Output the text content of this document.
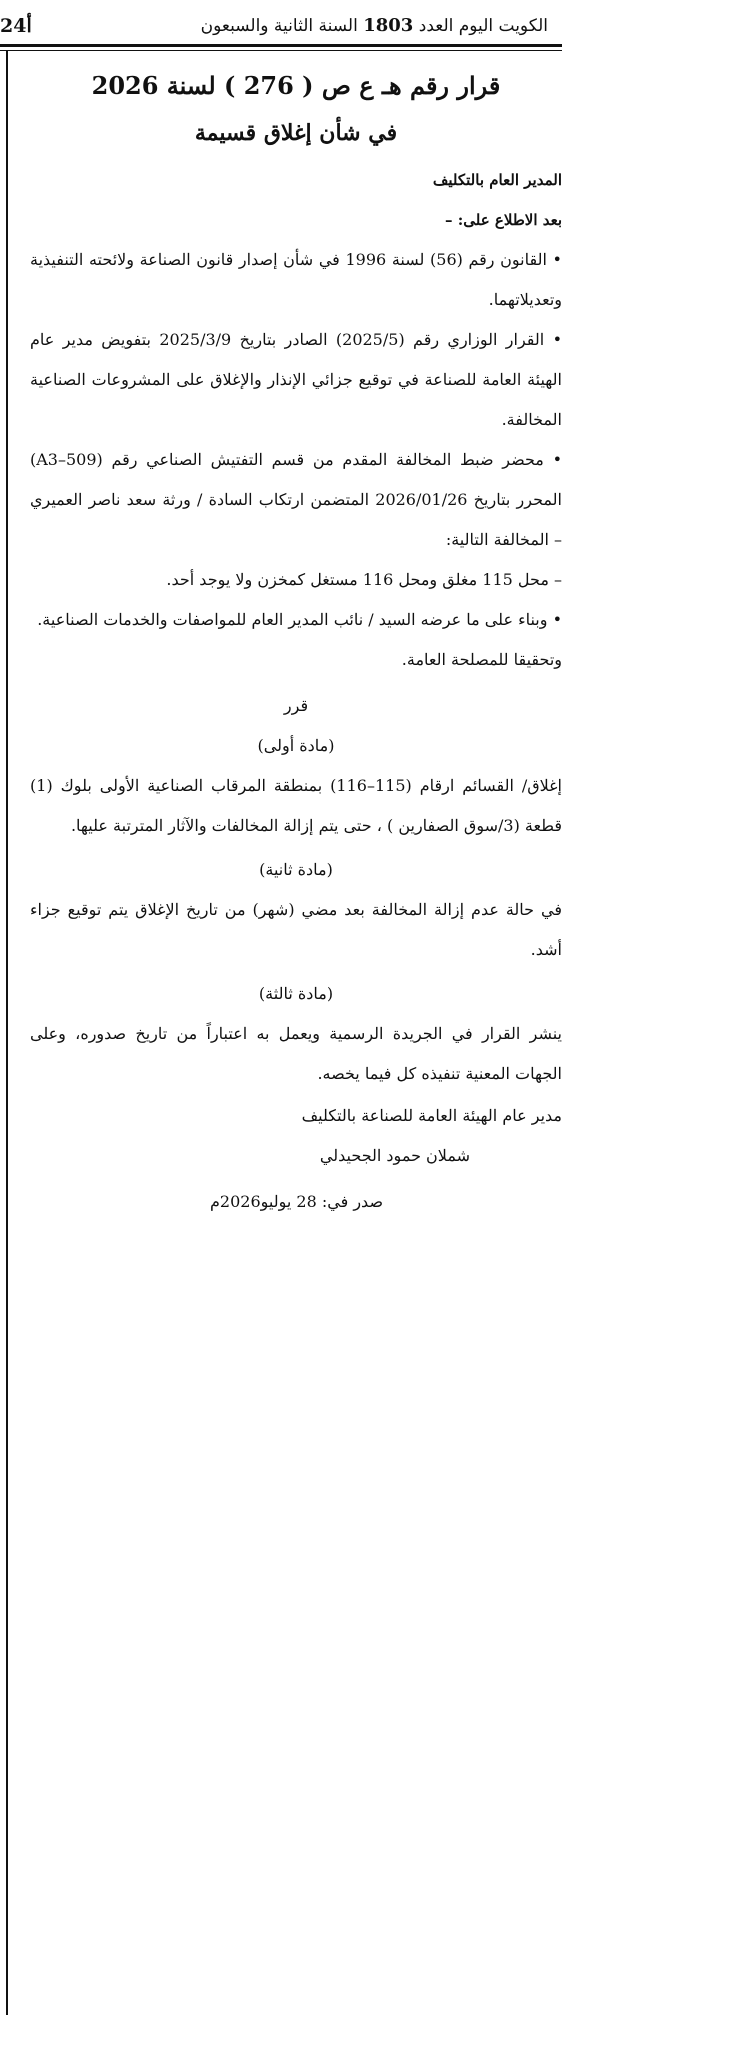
24أ	الكويت اليوم العدد 1803 السنة الثانية والسبعون

قرار رقم هـ ع ص ( 276 ) لسنة 2026

في شأن إغلاق قسيمة

المدير العام بالتكليف

بعد الاطلاع على: –

• القانون رقم (56) لسنة 1996 في شأن إصدار قانون الصناعة ولائحته التنفيذية وتعديلاتهما.

• القرار الوزاري رقم (2025/5) الصادر بتاريخ 2025/3/9 بتفويض مدير عام الهيئة العامة للصناعة في توقيع جزائي الإنذار والإغلاق على المشروعات الصناعية المخالفة.

• محضر ضبط المخالفة المقدم من قسم التفتيش الصناعي رقم (A3–509) المحرر بتاريخ 2026/01/26 المتضمن ارتكاب السادة / ورثة سعد ناصر العميري – المخالفة التالية:

– محل 115 مغلق ومحل 116 مستغل كمخزن ولا يوجد أحد.

• وبناء على ما عرضه السيد / نائب المدير العام للمواصفات والخدمات الصناعية.

وتحقيقا للمصلحة العامة.

قرر

(مادة أولى)

إغلاق/ القسائم ارقام (115–116) بمنطقة المرقاب الصناعية الأولى بلوك (1) قطعة (3/سوق الصفارين ) ، حتى يتم إزالة المخالفات والآثار المترتبة عليها.

(مادة ثانية)

في حالة عدم إزالة المخالفة بعد مضي (شهر) من تاريخ الإغلاق يتم توقيع جزاء أشد.

(مادة ثالثة)

ينشر القرار في الجريدة الرسمية ويعمل به اعتباراً من تاريخ صدوره، وعلى الجهات المعنية تنفيذه كل فيما يخصه.

مدير عام الهيئة العامة للصناعة بالتكليف

شملان حمود الجحيدلي

صدر في: 28 يوليو2026م
